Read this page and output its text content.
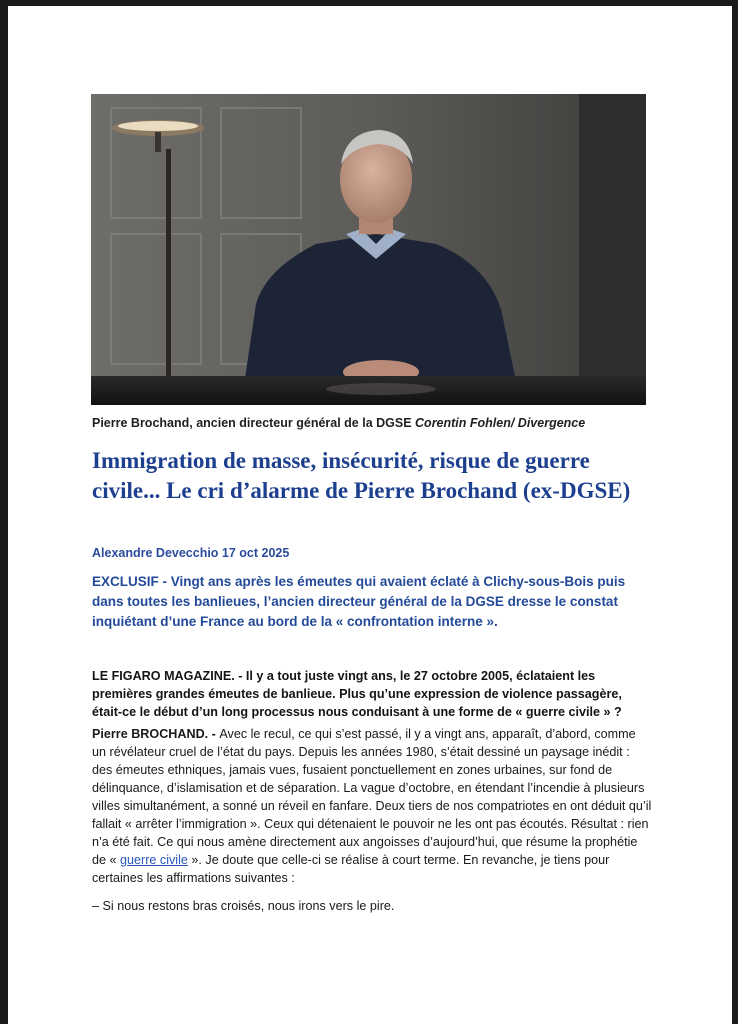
Pierre Brochand, ancien directeur général de la DGSE Corentin Fohlen/ Divergence
Immigration de masse, insécurité, risque de guerre civile... Le cri d’alarme de Pierre Brochand (ex-DGSE)
Alexandre Devecchio 17 oct 2025
EXCLUSIF - Vingt ans après les émeutes qui avaient éclaté à Clichy-sous-Bois puis dans toutes les banlieues, l’ancien directeur général de la DGSE dresse le constat inquiétant d’une France au bord de la « confrontation interne ».
LE FIGARO MAGAZINE. - Il y a tout juste vingt ans, le 27 octobre 2005, éclataient les premières grandes émeutes de banlieue. Plus qu’une expression de violence passagère, était-ce le début d’un long processus nous conduisant à une forme de « guerre civile » ?
Pierre BROCHAND. - Avec le recul, ce qui s’est passé, il y a vingt ans, apparaît, d’abord, comme un révélateur cruel de l’état du pays. Depuis les années 1980, s’était dessiné un paysage inédit : des émeutes ethniques, jamais vues, fusaient ponctuellement en zones urbaines, sur fond de délinquance, d’islamisation et de séparation. La vague d’octobre, en étendant l’incendie à plusieurs villes simultanément, a sonné un réveil en fanfare. Deux tiers de nos compatriotes en ont déduit qu’il fallait « arrêter l’immigration ». Ceux qui détenaient le pouvoir ne les ont pas écoutés. Résultat : rien n’a été fait. Ce qui nous amène directement aux angoisses d’aujourd’hui, que résume la prophétie de « guerre civile ». Je doute que celle-ci se réalise à court terme. En revanche, je tiens pour certaines les affirmations suivantes :
– Si nous restons bras croisés, nous irons vers le pire.
